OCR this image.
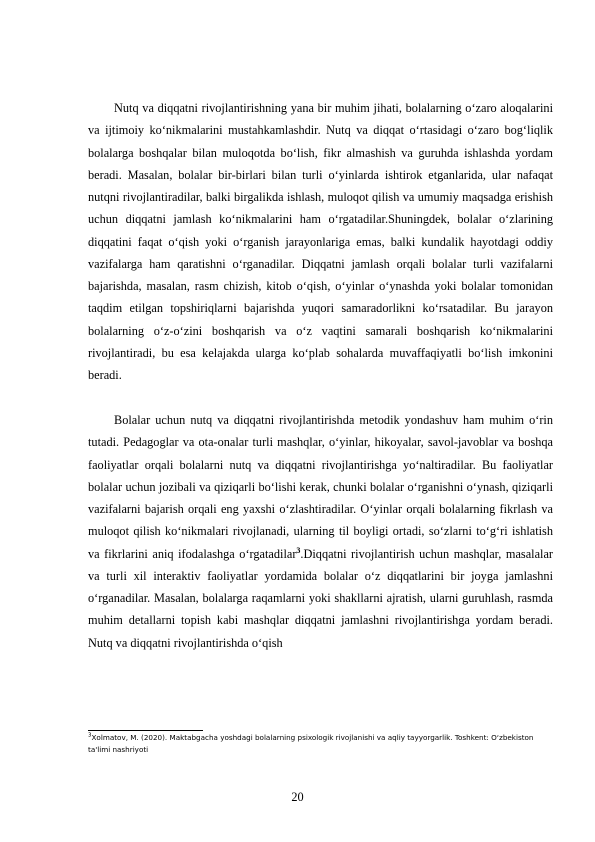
Nutq va diqqatni rivojlantirishning yana bir muhim jihati, bolalarning o‘zaro aloqalarini va ijtimoiy ko‘nikmalarini mustahkamlashdir. Nutq va diqqat o‘rtasidagi o‘zaro bog‘liqlik bolalarga boshqalar bilan muloqotda bo‘lish, fikr almashish va guruhda ishlashda yordam beradi. Masalan, bolalar bir-birlari bilan turli o‘yinlarda ishtirok etganlarida, ular nafaqat nutqni rivojlantiradilar, balki birgalikda ishlash, muloqot qilish va umumiy maqsadga erishish uchun diqqatni jamlash ko‘nikmalarini ham o‘rgatadilar.Shuningdek, bolalar o‘zlarining diqqatini faqat o‘qish yoki o‘rganish jarayonlariga emas, balki kundalik hayotdagi oddiy vazifalarga ham qaratishni o‘rganadilar. Diqqatni jamlash orqali bolalar turli vazifalarni bajarishda, masalan, rasm chizish, kitob o‘qish, o‘yinlar o‘ynashda yoki bolalar tomonidan taqdim etilgan topshiriqlarni bajarishda yuqori samaradorlikni ko‘rsatadilar. Bu jarayon bolalarning o‘z-o‘zini boshqarish va o‘z vaqtini samarali boshqarish ko‘nikmalarini rivojlantiradi, bu esa kelajakda ularga ko‘plab sohalarda muvaffaqiyatli bo‘lish imkonini beradi.

Bolalar uchun nutq va diqqatni rivojlantirishda metodik yondashuv ham muhim o‘rin tutadi. Pedagoglar va ota-onalar turli mashqlar, o‘yinlar, hikoyalar, savol-javoblar va boshqa faoliyatlar orqali bolalarni nutq va diqqatni rivojlantirishga yo‘naltiradilar. Bu faoliyatlar bolalar uchun jozibali va qiziqarli bo‘lishi kerak, chunki bolalar o‘rganishni o‘ynash, qiziqarli vazifalarni bajarish orqali eng yaxshi o‘zlashtiradilar. O‘yinlar orqali bolalarning fikrlash va muloqot qilish ko‘nikmalari rivojlanadi, ularning til boyligi ortadi, so‘zlarni to‘g‘ri ishlatish va fikrlarini aniq ifodalashga o‘rgatadilar$^3$.Diqqatni rivojlantirish uchun mashqlar, masalalar va turli xil interaktiv faoliyatlar yordamida bolalar o‘z diqqatlarini bir joyga jamlashni o‘rganadilar. Masalan, bolalarga raqamlarni yoki shakllarni ajratish, ularni guruhlash, rasmda muhim detallarni topish kabi mashqlar diqqatni jamlashni rivojlantirishga yordam beradi. Nutq va diqqatni rivojlantirishda o‘qish

$^3$Xolmatov, M. (2020). Maktabgacha yoshdagi bolalarning psixologik rivojlanishi va aqliy tayyorgarlik. Toshkent: O‘zbekiston ta'limi nashriyoti

20
